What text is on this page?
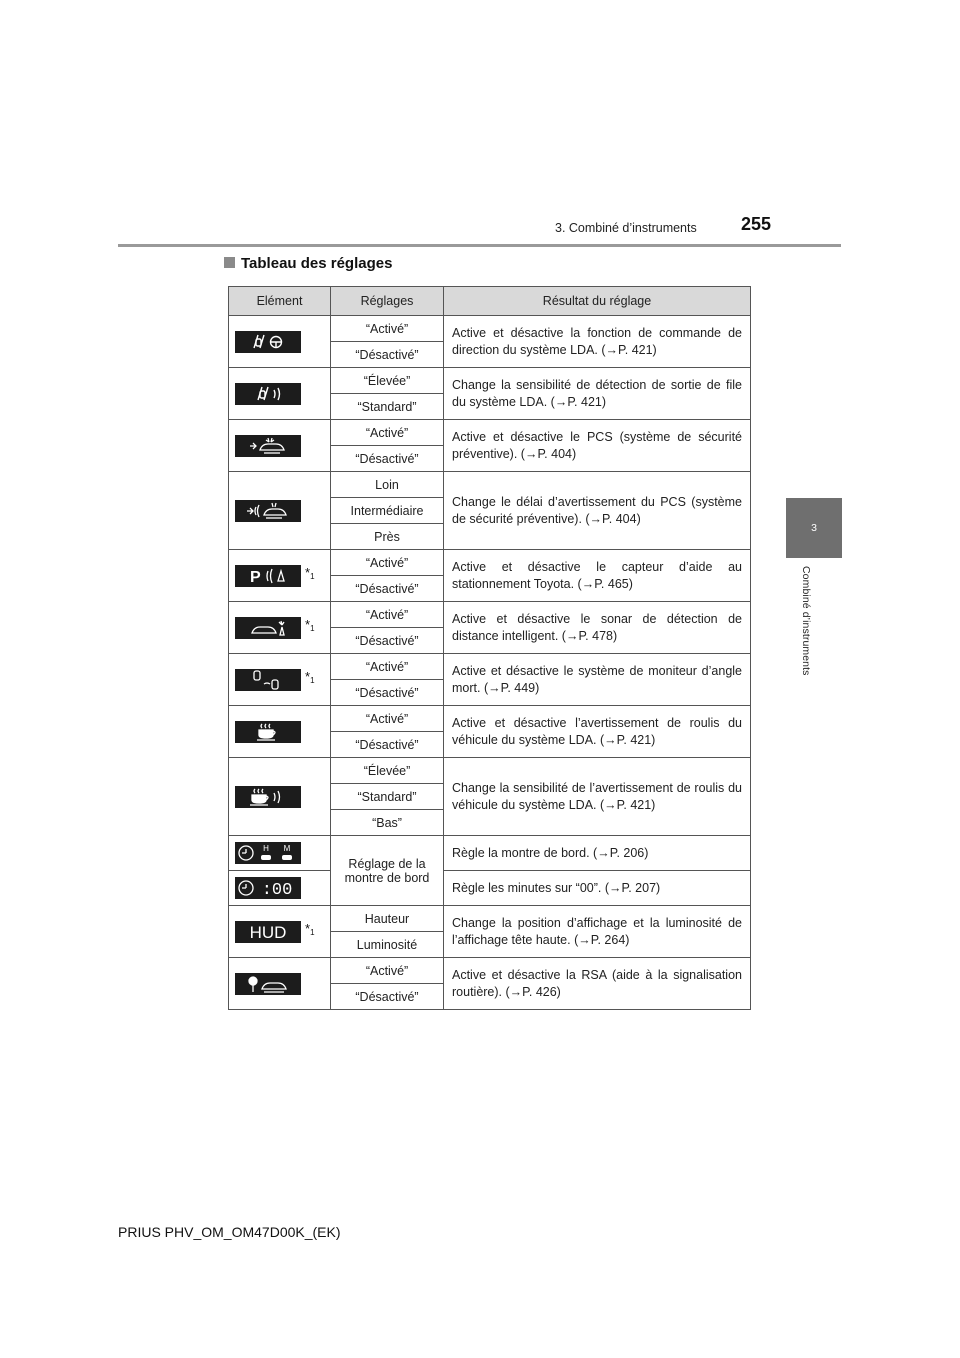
3. Combiné d’instruments 255
3
Combiné d’instruments
Tableau des réglages
Elément	Réglages	Résultat du réglage

	“Activé”	Active et désactive la fonction de commande de direction du système LDA. (→P. 421)
	“Désactivé”	

	“Élevée”	Change la sensibilité de détection de sortie de file du système LDA. (→P. 421)
	“Standard”	

	“Activé”	Active et désactive le PCS (système de sécurité préventive). (→P. 404)
	“Désactivé”	

	Loin	Change le délai d’avertissement du PCS (système de sécurité préventive). (→P. 404)
	Intermédiaire	
	Près	

P $*_1$	“Activé”	Active et désactive le capteur d’aide au stationnement Toyota. (→P. 465)
	“Désactivé”	

$*_1$	“Activé”	Active et désactive le sonar de détection de distance intelligent. (→P. 478)
	“Désactivé”	

$*_1$	“Activé”	Active et désactive le système de moniteur d’angle mort. (→P. 449)
	“Désactivé”	

	“Activé”	Active et désactive l’avertissement de roulis du véhicule du système LDA. (→P. 421)
	“Désactivé”	

	“Élevée”	Change la sensibilité de l’avertissement de roulis du véhicule du système LDA. (→P. 421)
	“Standard”	
	“Bas”	

H M	Réglage de la montre de bord	Règle la montre de bord. (→P. 206)

:00		Règle les minutes sur “00”. (→P. 207)

HUD $*_1$	Hauteur	Change la position d’affichage et la luminosité de l’affichage tête haute. (→P. 264)
	Luminosité	

	“Activé”	Active et désactive la RSA (aide à la signalisation routière). (→P. 426)
	“Désactivé”	
PRIUS PHV_OM_OM47D00K_(EK)
